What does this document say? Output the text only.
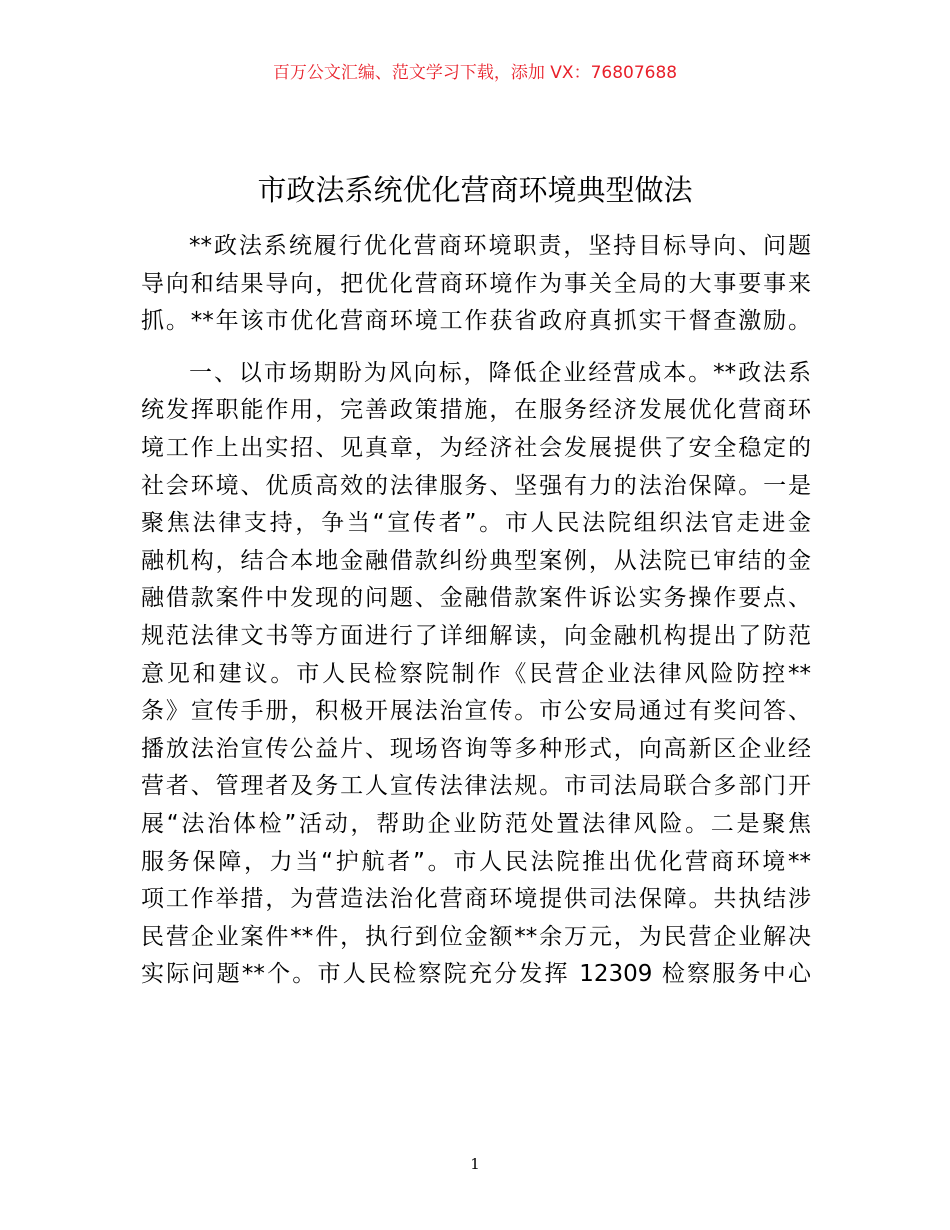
百万公文汇编、范文学习下载，添加 VX：76807688
市政法系统优化营商环境典型做法
**政法系统履行优化营商环境职责，坚持目标导向、问题
导向和结果导向，把优化营商环境作为事关全局的大事要事来
抓。**年该市优化营商环境工作获省政府真抓实干督查激励。
一、以市场期盼为风向标，降低企业经营成本。**政法系
统发挥职能作用，完善政策措施，在服务经济发展优化营商环
境工作上出实招、见真章，为经济社会发展提供了安全稳定的
社会环境、优质高效的法律服务、坚强有力的法治保障。一是
聚焦法律支持，争当“宣传者”。市人民法院组织法官走进金
融机构，结合本地金融借款纠纷典型案例，从法院已审结的金
融借款案件中发现的问题、金融借款案件诉讼实务操作要点、
规范法律文书等方面进行了详细解读，向金融机构提出了防范
意见和建议。市人民检察院制作《民营企业法律风险防控**
条》宣传手册，积极开展法治宣传。市公安局通过有奖问答、
播放法治宣传公益片、现场咨询等多种形式，向高新区企业经
营者、管理者及务工人宣传法律法规。市司法局联合多部门开
展“法治体检”活动，帮助企业防范处置法律风险。二是聚焦
服务保障，力当“护航者”。市人民法院推出优化营商环境**
项工作举措，为营造法治化营商环境提供司法保障。共执结涉
民营企业案件**件，执行到位金额**余万元，为民营企业解决
实际问题**个。市人民检察院充分发挥 12309 检察服务中心
1
